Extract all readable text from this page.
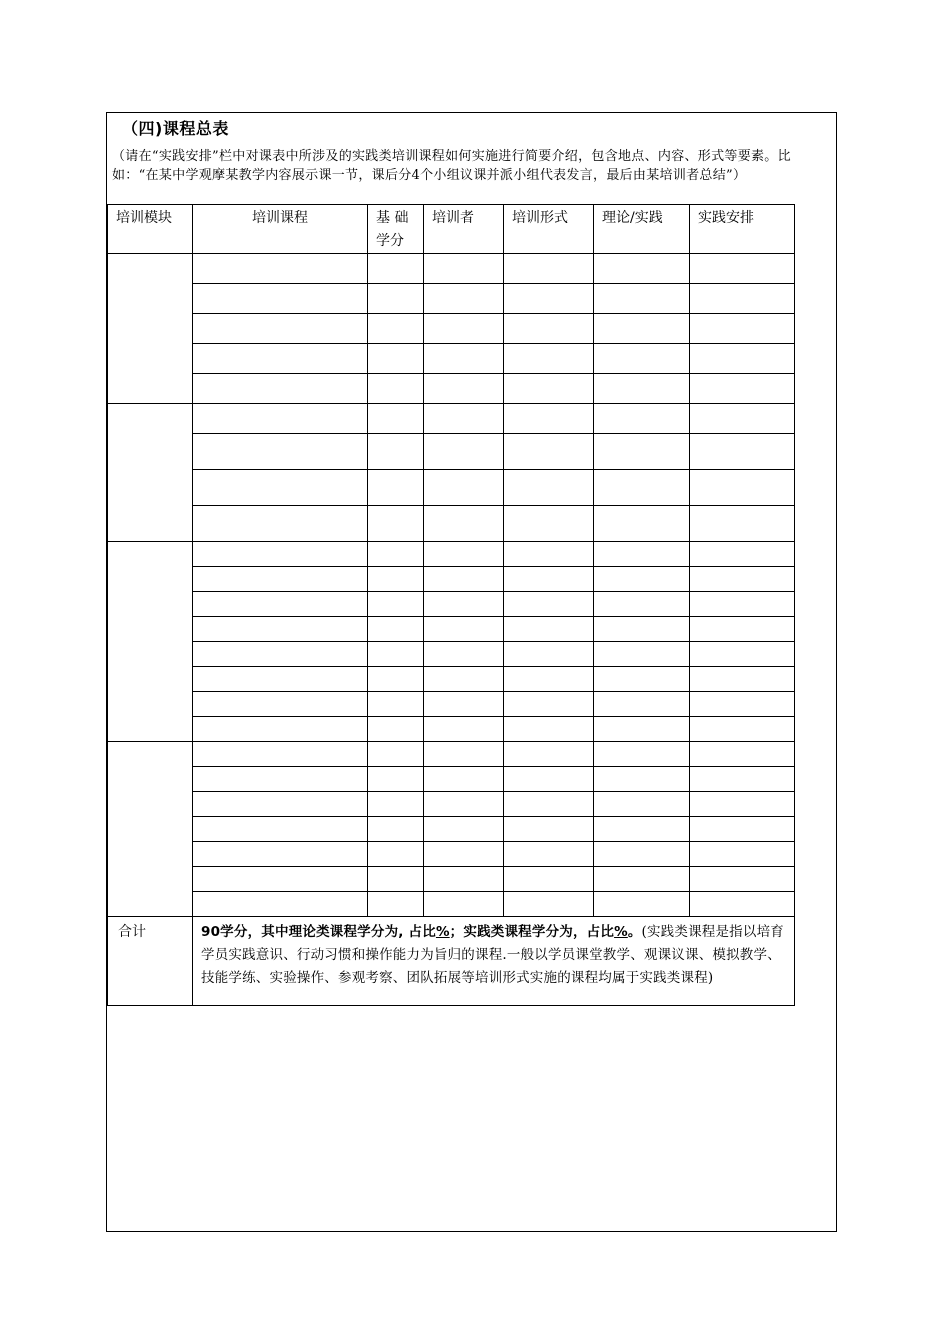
（四)课程总表
（请在“实践安排”栏中对课表中所涉及的实践类培训课程如何实施进行简要介绍，包含地点、内容、形式等要素。比如：“在某中学观摩某教学内容展示课一节，课后分4个小组议课并派小组代表发言，最后由某培训者总结”）
培训模块	培训课程	基 础 学分	培训者	培训形式	理论/实践	实践安排

合计	90学分，其中理论类课程学分为, 占比%；实践类课程学分为，占比%。(实践类课程是指以培育学员实践意识、行动习惯和操作能力为旨归的课程.一般以学员课堂教学、观课议课、模拟教学、技能学练、实验操作、参观考察、团队拓展等培训形式实施的课程均属于实践类课程)					
